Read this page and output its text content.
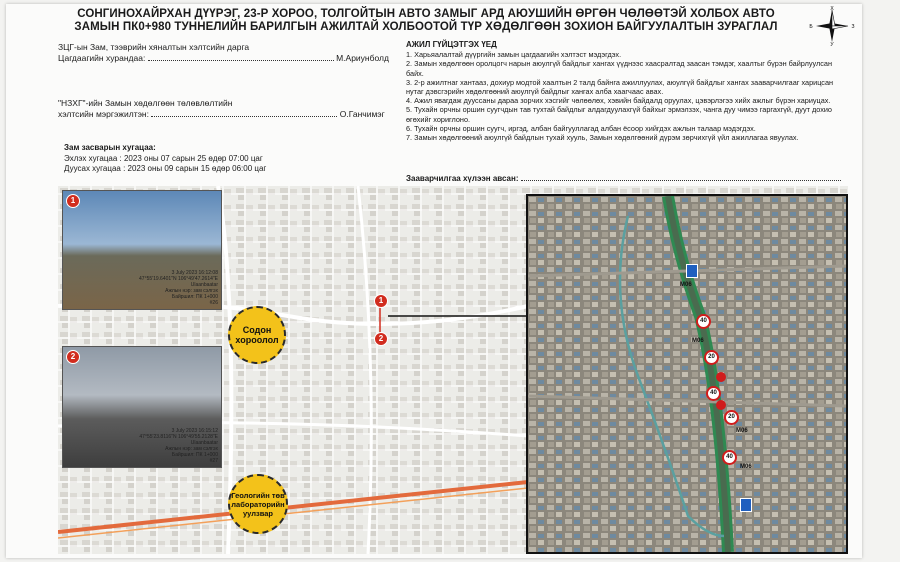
СОНГИНОХАЙРХАН ДҮҮРЭГ, 23-Р ХОРОО, ТОЛГОЙТЫН АВТО ЗАМЫГ АРД АЮУШИЙН ӨРГӨН ЧӨЛӨӨТЭЙ ХОЛБОХ АВТО
ЗАМЫН ПК0+980 ТУННЕЛИЙН БАРИЛГЫН АЖИЛТАЙ ХОЛБООТОЙ ТҮР ХӨДӨЛГӨӨН ЗОХИОН БАЙГУУЛАЛТЫН ЗУРАГЛАЛ
Х
У
З
Б
ЗЦГ-ын Зам, тээврийн хяналтын хэлтсийн дарга
Цагдаагийн хурандаа:	М.Ариунболд
"НЗХГ"-ийн Замын хөдөлгөөн төлөвлөлтийн
хэлтсийн мэргэжилтэн:	О.Ганчимэг
Зам засварын хугацаа:
Эхлэх хугацаа : 2023 оны 07 сарын 25 өдөр 07:00 цаг
Дуусах хугацаа : 2023 оны 09 сарын 15 өдөр 06:00 цаг
АЖИЛ ГҮЙЦЭТГЭХ ҮЕД

1. Харьяалалтай дүүргийн замын цагдаагийн хэлтэст мэдэгдэх.

2. Замын хөдөлгөөн оролцогч нарын аюулгүй байдлыг хангах үүднээс хаасралтад заасан тэмдэг, хаалтыг бүрэн байрлуулсан байх.

3. 2-р ажилтнаг хантааз, дохиур модтой хаалтын 2 талд байнга ажиллуулах, аюулгүй байдлыг хангах зааварчилгааг харицсан нутаг дэвсгэрийн хөдөлгөөний аюулгүй байдлыг хангах алба хаагчаас авах.

4. Ажил явагдаж дууссаны дараа зорчих хэсгийг чөлөөлөх, хэвийн байдалд оруулах, цэвэрлэгээ хийх ажлыг бүрэн хариуцах.

5. Тухайн орчны оршин суугчдын тав тухтай байдлыг алдагдуулахгүй байхыг эрмэлзэх, чанга дуу чимээ гаргахгүй, дуут дохио өгөхийг хориглоно.

6. Тухайн орчны оршин суугч, иргэд, албан байгууллагад албан ёсоор хийгдэх ажлын талаар мэдэгдэх.

7. Замын хөдөлгөөний аюулгүй байдлын тухай хууль, Замын хөдөлгөөний дүрэм зөрчихгүй үйл ажиллагаа явуулах.

Зааварчилгаа хүлээн авсан:
1
3 July 2023 16:12:08
47°55'19.6401"N 106°49'47.2614"E
Ulaanbaatar
Ажлын нэр: зам сэлгэх
Байршил: ПК 1+000
#26
2
3 July 2023 16:15:12
47°55'23.8116"N 106°49'55.2128"E
Ulaanbaatar
Ажлын нэр: зам сэлгэх
Байршил: ПК 1+000
#27
Содон хороолол
Геологийн төв лабораторийн уулзвар
1
2
40
20
40
20
40
M06
M06
M06
M06
